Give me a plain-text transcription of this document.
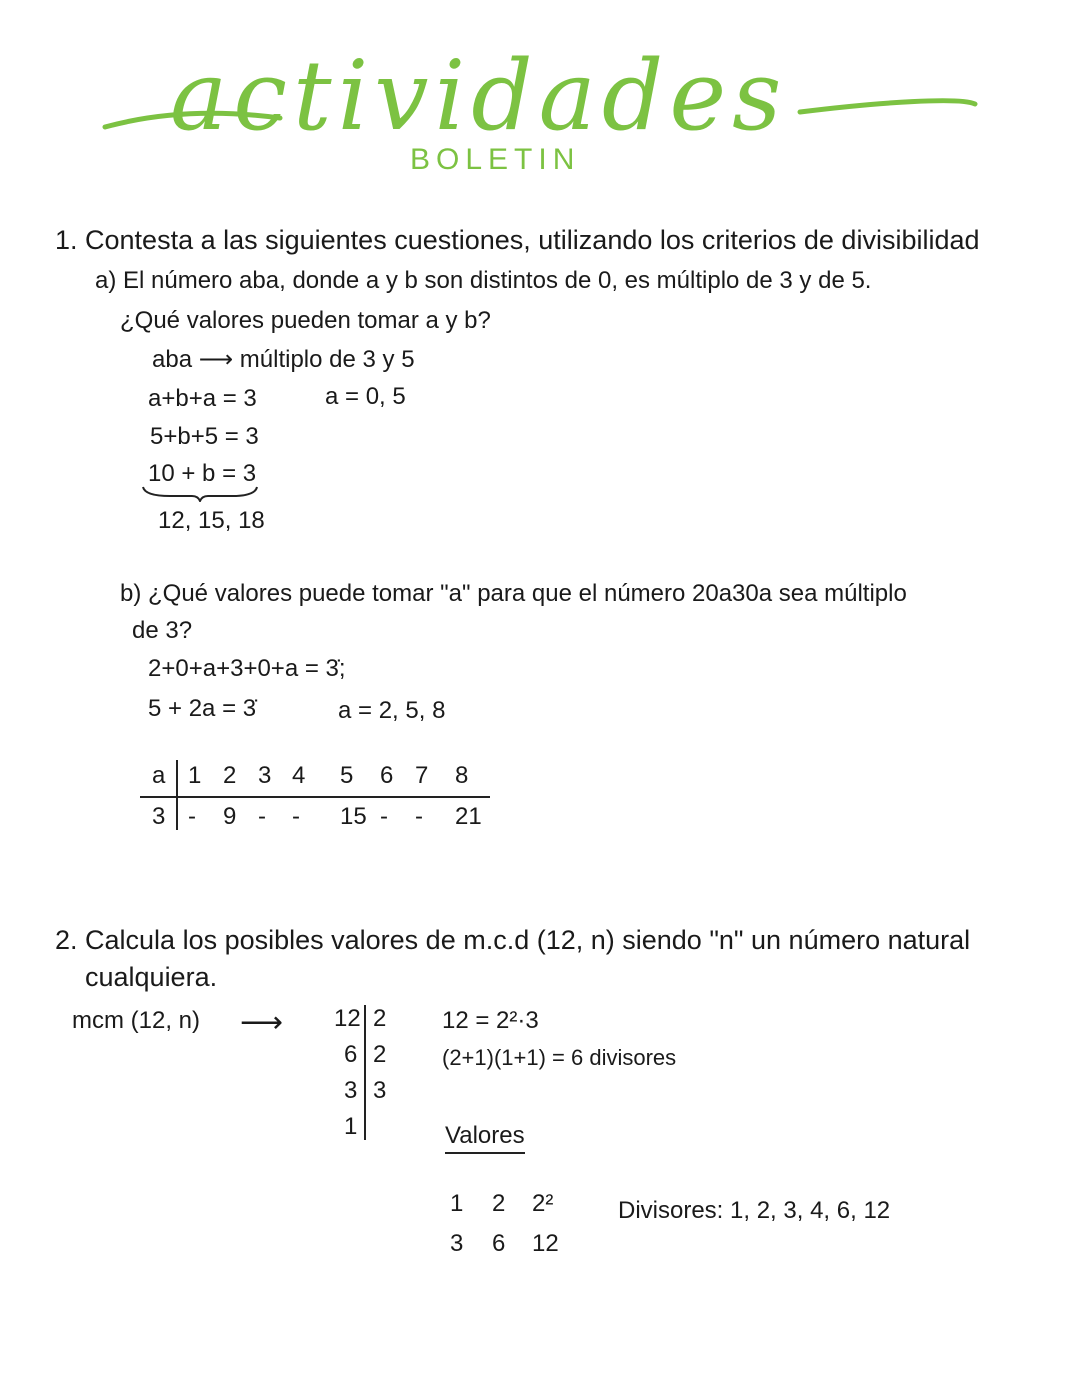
actividades
BOLETIN
1. Contesta a las siguientes cuestiones, utilizando los criterios de divisibilidad
a) El número aba, donde a y b son distintos de 0, es múltiplo de 3 y de 5.
¿Qué valores pueden tomar a y b?
aba ⟶ múltiplo de 3 y 5
a+b+a = 3	a = 0, 5
5+b+5 = 3
10 + b = 3
12, 15, 18
b) ¿Qué valores puede tomar "a" para que el número 20a30a sea múltiplo
de 3?
2+0+a+3+0+a = 3̇;
5 + 2a = 3̇	a = 2, 5, 8
a 1 2 3 4 5 6 7 8
3 - 9 - - 15 - - 21
2. Calcula los posibles valores de m.c.d (12, n) siendo "n" un número natural
cualquiera.
mcm (12, n) ⟶ 12
6
3
1
2
2
3
12 = 2²·3
(2+1)(1+1) = 6 divisores
Valores
1 2 2²
3 6 12
Divisores: 1, 2, 3, 4, 6, 12
